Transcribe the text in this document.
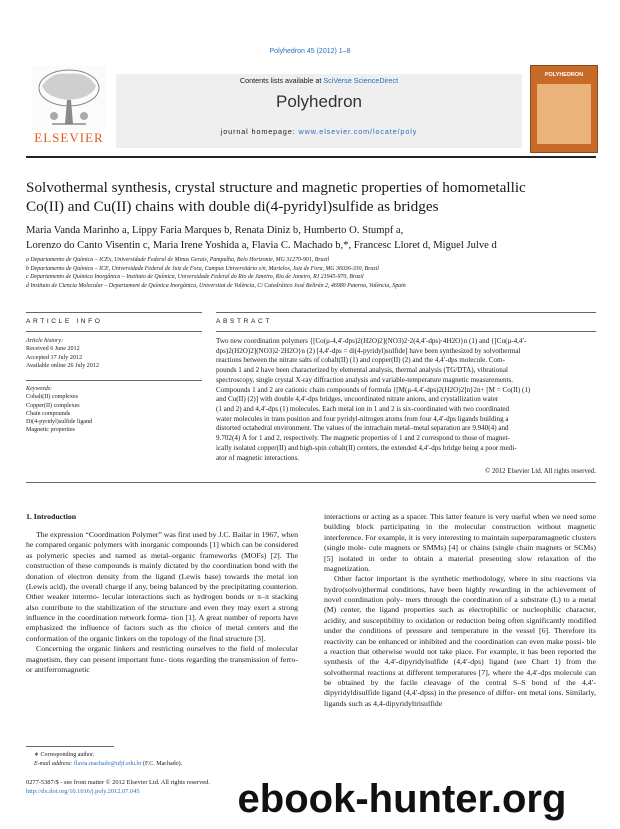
Polyhedron 45 (2012) 1–8
ELSEVIER
Contents lists available at SciVerse ScienceDirect
Polyhedron
journal homepage: www.elsevier.com/locate/poly
POLYHEDRON
Solvothermal synthesis, crystal structure and magnetic properties of homometallic
Co(II) and Cu(II) chains with double di(4-pyridyl)sulfide as bridges
Maria Vanda Marinho a, Lippy Faria Marques b, Renata Diniz b, Humberto O. Stumpf a,
Lorenzo do Canto Visentin c, Maria Irene Yoshida a, Flavia C. Machado b,*, Francesc Lloret d, Miguel Julve d
a Departamento de Química – ICEx, Universidade Federal de Minas Gerais, Pampulha, Belo Horizonte, MG 31270-901, Brazil
b Departamento de Química – ICE, Universidade Federal de Juiz de Fora, Campus Universitário s/n, Martelos, Juiz de Fora, MG 36036-330, Brazil
c Departamento de Química Inorgânica – Instituto de Química, Universidade Federal do Rio de Janeiro, Rio de Janeiro, RJ 21945-970, Brazil
d Instituto de Ciencia Molecular – Departament de Química Inorgànica, Universitat de València, C/ Catedrático José Beltrán 2, 46980 Paterna, València, Spain
ARTICLE INFO
Article history:
Received 6 June 2012
Accepted 17 July 2012
Available online 26 July 2012
Keywords:
Cobalt(II) complexes
Copper(II) complexes
Chain compounds
Di(4-pyridyl)sulfide ligand
Magnetic properties
ABSTRACT
Two new coordination polymers {[Co(μ-4,4′-dps)2(H2O)2](NO3)2·2(4,4′-dps)·4H2O}n (1) and {[Cu(μ-4,4′-
dps)2(H2O)2](NO3)2·2H2O}n (2) [4,4′-dps = di(4-pyridyl)sulfide] have been synthesized by solvothermal
reactions between the nitrate salts of cobalt(II) (1) and copper(II) (2) and the 4,4′-dps molecule. Com-
pounds 1 and 2 have been characterized by elemental analysis, thermal analysis (TG/DTA), vibrational
spectroscopy, single crystal X-ray diffraction analysis and variable-temperature magnetic measurements.
Compounds 1 and 2 are cationic chain compounds of formula {[M(μ-4,4′-dps)2(H2O)2]n}2n+ [M = Co(II) (1)
and Cu(II) (2)] with double 4,4′-dps bridges, uncoordinated nitrate anions, and crystallization water
(1 and 2) and 4,4′-dps (1) molecules. Each metal ion in 1 and 2 is six-coordinated with two coordinated
water molecules in trans position and four pyridyl-nitrogen atoms from four 4,4′-dps ligands building a
distorted octahedral environment. The values of the intrachain metal–metal separation are 9.940(4) and
9.702(4) Å for 1 and 2, respectively. The magnetic properties of 1 and 2 correspond to those of magnet-
ically isolated copper(II) and high-spin cobalt(II) centers, the extended 4,4′-dps bridge being a poor medi-
ator of magnetic interactions.
© 2012 Elsevier Ltd. All rights reserved.
1. Introduction

The expression “Coordination Polymer” was first used by J.C. Bailar in 1967, when he compared organic polymers with inorganic compounds [1] which can be considered as polymeric species and named as metal–organic frameworks (MOFs) [2]. The construction of these compounds is mainly dictated by the coordination bond with the donation of electron density from the ligand (Lewis base) towards the metal ion (Lewis acid), the overall charge if any, being balanced by the precipitating counterion. Other weaker intermo- lecular interactions such as hydrogen bonds or π–π stacking also contribute to the stabilization of the structure and even they may exert a strong influence in the coordination network forma- tion [1]. A great number of reports have emphasized the influence of factors such as the choice of metal centers and the conformation of the organic linkers on the topology of the final structure [3].

Concerning the organic linkers and restricting ourselves to the field of molecular magnetism, they can present important func- tions regarding the transmission of ferro- or antiferromagnetic

interactions or acting as a spacer. This latter feature is very useful when we need some building block participating in the molecular construction without magnetic interference. For example, it is very interesting to maintain superparamagnetic clusters (single mole- cule magnets or SMMs) [4] or chains (single chain magnets or SCMs) [5] isolated in order to obtain a material presenting slow relaxation of the magnetization.

Other factor important is the synthetic methodology, where in situ reactions via hydro(solvo)thermal conditions, have been highly rewarding in the achievement of novel coordination poly- mers through the coordination of a substrate (L) to a metal (M) center, the ligand properties such as electrophilic or nucleophilic character, acidity, and susceptibility to oxidation or reduction being often significantly modified under the conditions of pressure and temperature in the vessel [6]. Therefore its reactivity can be enhanced or inhibited and the coordination can even make possi- ble a reaction that otherwise would not take place. For example, it has been reported the synthesis of the 4,4′-dipyridylsulfide (4,4′-dps) ligand (see Chart 1) from the solvothermal reactions at different temperatures [7], where the 4,4′-dps molecule can be obtained by the facile cleavage of the central S–S bond of the 4,4′-dipyridyldisulfide ligand (4,4′-dpss) in the presence of differ- ent metal ions. Similarly, ligands such as 4,4-dipyridyltrisulfide

∗ Corresponding author.
E-mail address: flavia.machado@ufjf.edu.br (F.C. Machado).
0277-5387/$ - see front matter © 2012 Elsevier Ltd. All rights reserved.
http://dx.doi.org/10.1016/j.poly.2012.07.045	ebook-hunter.org
